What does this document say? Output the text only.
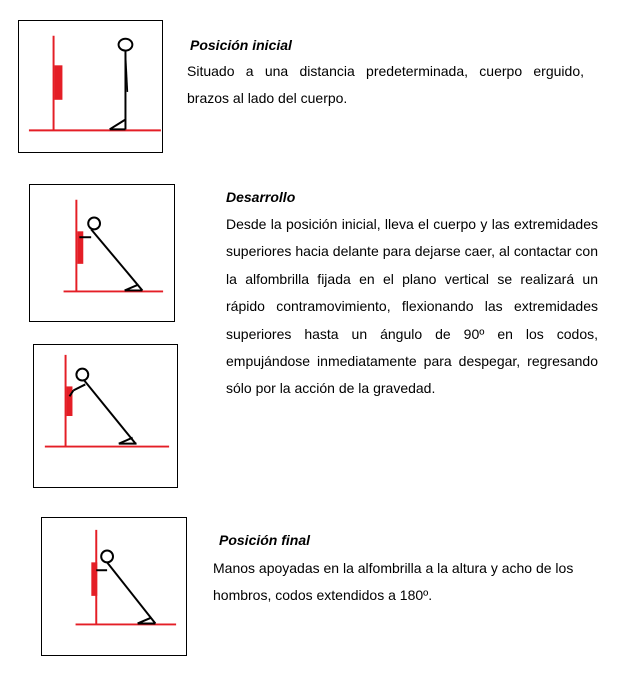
Posición inicial

Situado a una distancia predeterminada, cuerpo erguido, brazos al lado del cuerpo.

Desarrollo

Desde la posición inicial, lleva el cuerpo y las extremidades superiores hacia delante para dejarse caer, al contactar con la alfombrilla fijada en el plano vertical se realizará un rápido contramovimiento, flexionando las extremidades superiores hasta un ángulo de 90º en los codos, empujándose inmediatamente para despegar, regresando sólo por la acción de la gravedad.

Posición final

Manos apoyadas en la alfombrilla a la altura y acho de los hombros, codos extendidos a 180º.
